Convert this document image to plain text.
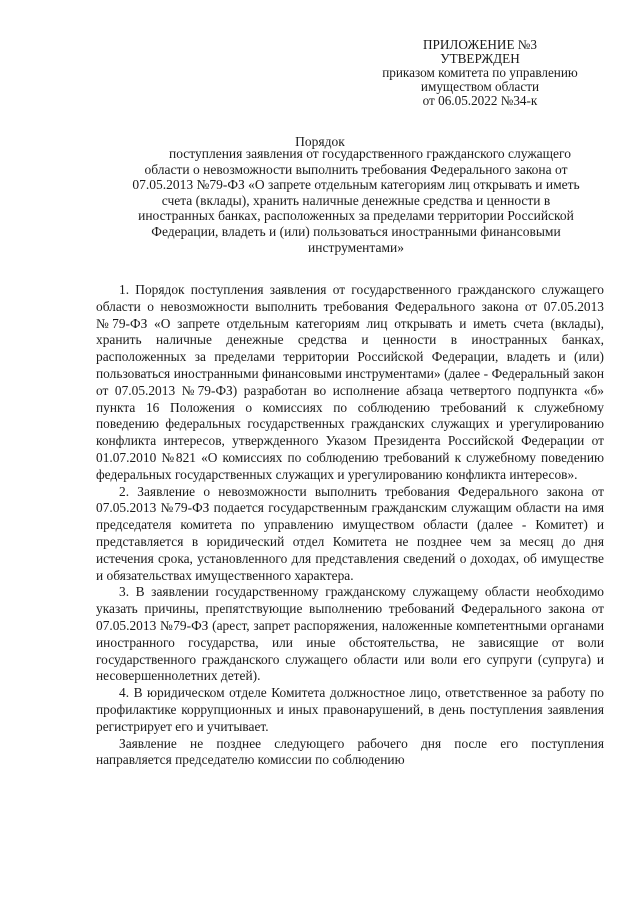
ПРИЛОЖЕНИЕ №3
УТВЕРЖДЕН
приказом комитета по управлению
имуществом области
от 06.05.2022 №34-к
Порядок
поступления заявления от государственного гражданского служащего
области о невозможности выполнить требования Федерального закона от
07.05.2013 №79-ФЗ «О запрете отдельным категориям лиц открывать и иметь
счета (вклады), хранить наличные денежные средства и ценности в
иностранных банках, расположенных за пределами территории Российской
Федерации, владеть и (или) пользоваться иностранными финансовыми
инструментами»

1. Порядок поступления заявления от государственного гражданского служащего области о невозможности выполнить требования Федерального закона от 07.05.2013 №79-ФЗ «О запрете отдельным категориям лиц открывать и иметь счета (вклады), хранить наличные денежные средства и ценности в иностранных банках, расположенных за пределами территории Российской Федерации, владеть и (или) пользоваться иностранными финансовыми инструментами» (далее - Федеральный закон от 07.05.2013 №79-ФЗ) разработан во исполнение абзаца четвертого подпункта «б» пункта 16 Положения о комиссиях по соблюдению требований к служебному поведению федеральных государственных гражданских служащих и урегулированию конфликта интересов, утвержденного Указом Президента Российской Федерации от 01.07.2010 №821 «О комиссиях по соблюдению требований к служебному поведению федеральных государственных служащих и урегулированию конфликта интересов».

2. Заявление о невозможности выполнить требования Федерального закона от 07.05.2013 №79-ФЗ подается государственным гражданским служащим области на имя председателя комитета по управлению имуществом области (далее - Комитет) и представляется в юридический отдел Комитета не позднее чем за месяц до дня истечения срока, установленного для представления сведений о доходах, об имуществе и обязательствах имущественного характера.

3. В заявлении государственному гражданскому служащему области необходимо указать причины, препятствующие выполнению требований Федерального закона от 07.05.2013 №79-ФЗ (арест, запрет распоряжения, наложенные компетентными органами иностранного государства, или иные обстоятельства, не зависящие от воли государственного гражданского служащего области или воли его супруги (супруга) и несовершеннолетних детей).

4. В юридическом отделе Комитета должностное лицо, ответственное за работу по профилактике коррупционных и иных правонарушений, в день поступления заявления регистрирует его и учитывает.

Заявление не позднее следующего рабочего дня после его поступления направляется председателю комиссии по соблюдению
